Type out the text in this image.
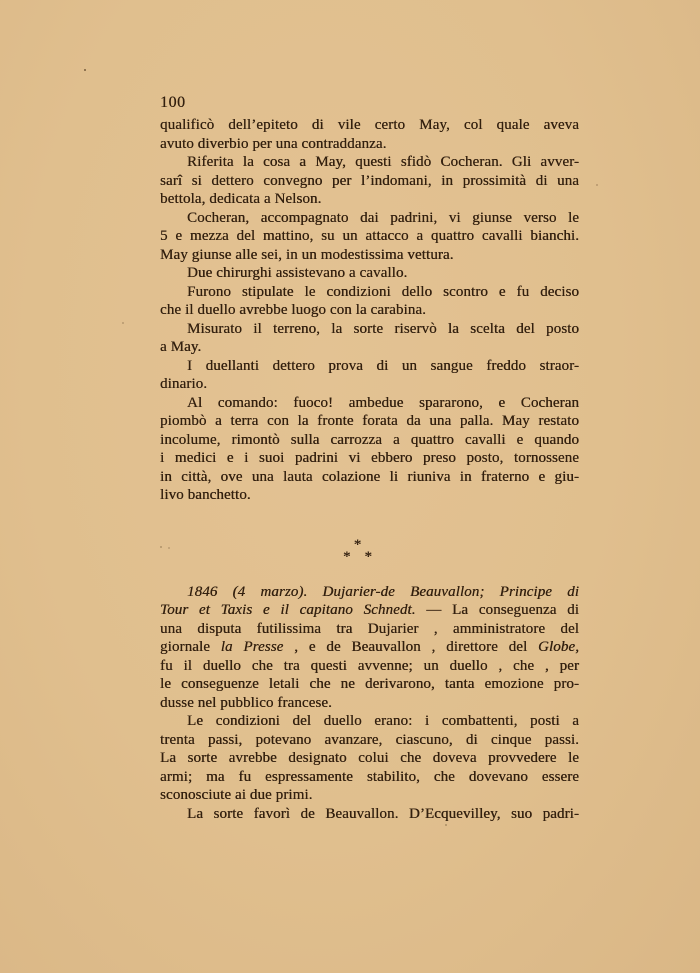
100
qualificò dell’epiteto di vile certo May, col quale aveva
avuto diverbio per una contraddanza.
Riferita la cosa a May, questi sfidò Cocheran. Gli avver-
sarî si dettero convegno per l’indomani, in prossimità di una
bettola, dedicata a Nelson.
Cocheran, accompagnato dai padrini, vi giunse verso le
5 e mezza del mattino, su un attacco a quattro cavalli bianchi.
May giunse alle sei, in un modestissima vettura.
Due chirurghi assistevano a cavallo.
Furono stipulate le condizioni dello scontro e fu deciso
che il duello avrebbe luogo con la carabina.
Misurato il terreno, la sorte riservò la scelta del posto
a May.
I duellanti dettero prova di un sangue freddo straor-
dinario.
Al comando: fuoco! ambedue spararono, e Cocheran
piombò a terra con la fronte forata da una palla. May restato
incolume, rimontò sulla carrozza a quattro cavalli e quando
i medici e i suoi padrini vi ebbero preso posto, tornossene
in città, ove una lauta colazione li riuniva in fraterno e giu-
livo banchetto.
*
* *
1846 (4 marzo). Dujarier-de Beauvallon; Principe di
Tour et Taxis e il capitano Schnedt. — La conseguenza di
una disputa futilissima tra Dujarier , amministratore del
giornale la Presse , e de Beauvallon , direttore del Globe,
fu il duello che tra questi avvenne; un duello , che , per
le conseguenze letali che ne derivarono, tanta emozione pro-
dusse nel pubblico francese.
Le condizioni del duello erano: i combattenti, posti a
trenta passi, potevano avanzare, ciascuno, di cinque passi.
La sorte avrebbe designato colui che doveva provvedere le
armi; ma fu espressamente stabilito, che dovevano essere
sconosciute ai due primi.
La sorte favorì de Beauvallon. D’Ecquevilley, suo padri-
